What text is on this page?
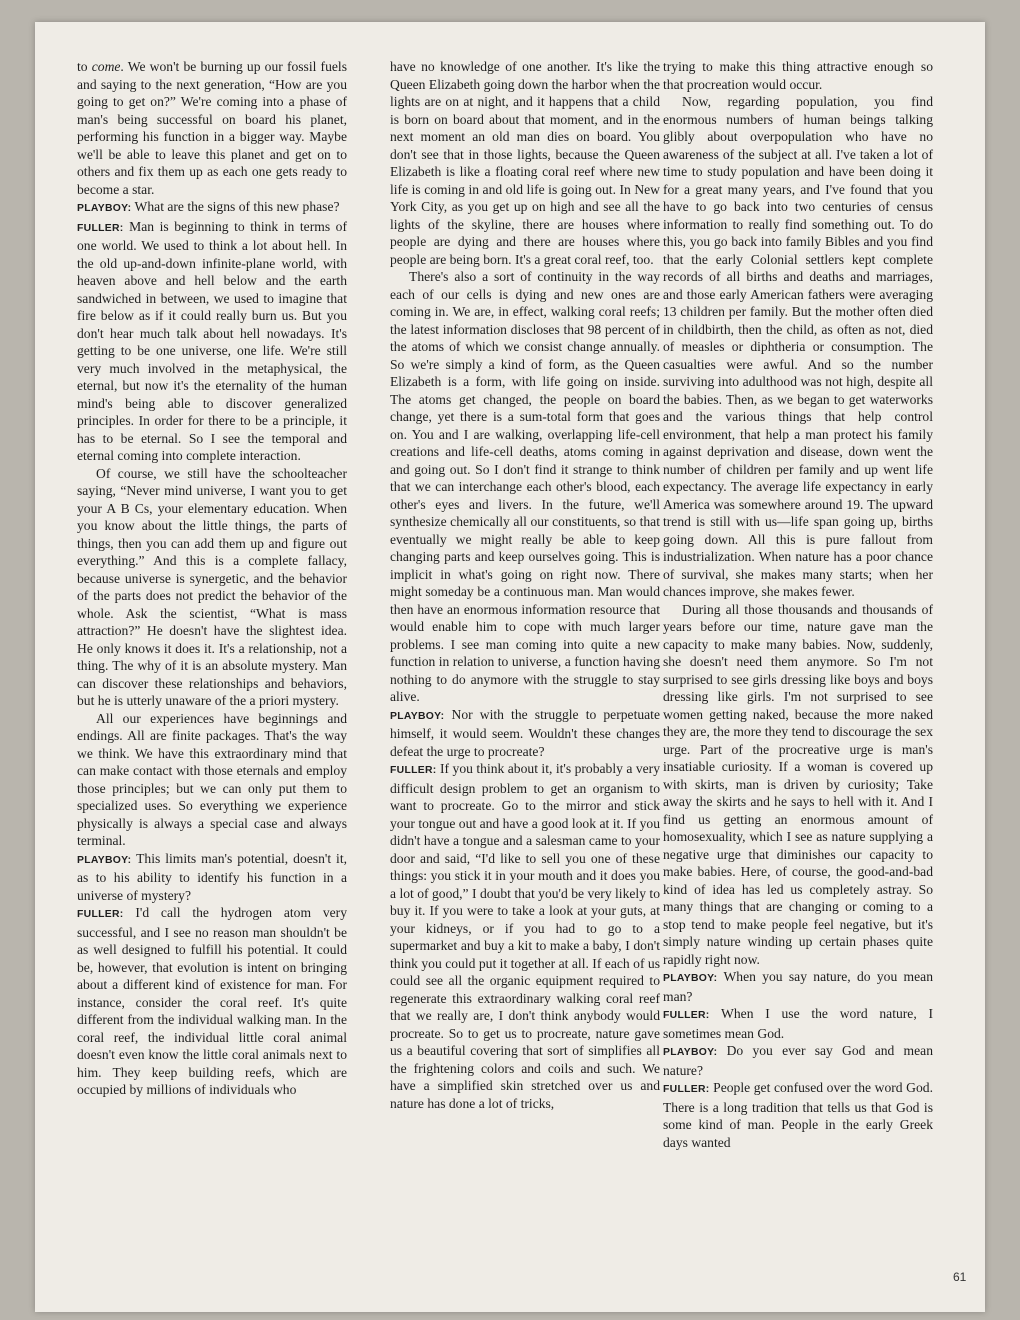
to come. We won't be burning up our fossil fuels and saying to the next generation, “How are you going to get on?” We're coming into a phase of man's being successful on board his planet, performing his function in a bigger way. Maybe we'll be able to leave this planet and get on to others and fix them up as each one gets ready to become a star.

PLAYBOY: What are the signs of this new phase?

FULLER: Man is beginning to think in terms of one world. We used to think a lot about hell. In the old up-and-down infinite-plane world, with heaven above and hell below and the earth sandwiched in between, we used to imagine that fire below as if it could really burn us. But you don't hear much talk about hell nowadays. It's getting to be one universe, one life. We're still very much involved in the metaphysical, the eternal, but now it's the eternality of the human mind's being able to discover generalized principles. In order for there to be a principle, it has to be eternal. So I see the temporal and eternal coming into complete interaction.

Of course, we still have the schoolteacher saying, “Never mind universe, I want you to get your A B Cs, your elementary education. When you know about the little things, the parts of things, then you can add them up and figure out everything.” And this is a complete fallacy, because universe is synergetic, and the behavior of the parts does not predict the behavior of the whole. Ask the scientist, “What is mass attraction?” He doesn't have the slightest idea. He only knows it does it. It's a relationship, not a thing. The why of it is an absolute mystery. Man can discover these relationships and behaviors, but he is utterly unaware of the a priori mystery.

All our experiences have beginnings and endings. All are finite packages. That's the way we think. We have this extraordinary mind that can make contact with those eternals and employ those principles; but we can only put them to specialized uses. So everything we experience physically is always a special case and always terminal.

PLAYBOY: This limits man's potential, doesn't it, as to his ability to identify his function in a universe of mystery?

FULLER: I'd call the hydrogen atom very successful, and I see no reason man shouldn't be as well designed to fulfill his potential. It could be, however, that evolution is intent on bringing about a different kind of existence for man. For instance, consider the coral reef. It's quite different from the individual walking man. In the coral reef, the individual little coral animal doesn't even know the little coral animals next to him. They keep building reefs, which are occupied by millions of individuals who

have no knowledge of one another. It's like the Queen Elizabeth going down the harbor when the lights are on at night, and it happens that a child is born on board about that moment, and in the next moment an old man dies on board. You don't see that in those lights, because the Queen Elizabeth is like a floating coral reef where new life is coming in and old life is going out. In New York City, as you get up on high and see all the lights of the skyline, there are houses where people are dying and there are houses where people are being born. It's a great coral reef, too.

There's also a sort of continuity in the way each of our cells is dying and new ones are coming in. We are, in effect, walking coral reefs; the latest information discloses that 98 percent of the atoms of which we consist change annually. So we're simply a kind of form, as the Queen Elizabeth is a form, with life going on inside. The atoms get changed, the people on board change, yet there is a sum-total form that goes on. You and I are walking, overlapping life-cell creations and life-cell deaths, atoms coming in and going out. So I don't find it strange to think that we can interchange each other's blood, each other's eyes and livers. In the future, we'll synthesize chemically all our constituents, so that eventually we might really be able to keep changing parts and keep ourselves going. This is implicit in what's going on right now. There might someday be a continuous man. Man would then have an enormous information resource that would enable him to cope with much larger problems. I see man coming into quite a new function in relation to universe, a function having nothing to do anymore with the struggle to stay alive.

PLAYBOY: Nor with the struggle to perpetuate himself, it would seem. Wouldn't these changes defeat the urge to procreate?

FULLER: If you think about it, it's probably a very difficult design problem to get an organism to want to procreate. Go to the mirror and stick your tongue out and have a good look at it. If you didn't have a tongue and a salesman came to your door and said, “I'd like to sell you one of these things: you stick it in your mouth and it does you a lot of good,” I doubt that you'd be very likely to buy it. If you were to take a look at your guts, at your kidneys, or if you had to go to a supermarket and buy a kit to make a baby, I don't think you could put it together at all. If each of us could see all the organic equipment required to regenerate this extraordinary walking coral reef that we really are, I don't think anybody would procreate. So to get us to procreate, nature gave us a beautiful covering that sort of simplifies all the frightening colors and coils and such. We have a simplified skin stretched over us and nature has done a lot of tricks,

trying to make this thing attractive enough so that procreation would occur.

Now, regarding population, you find enormous numbers of human beings talking glibly about overpopulation who have no awareness of the subject at all. I've taken a lot of time to study population and have been doing it for a great many years, and I've found that you have to go back into two centuries of census information to really find something out. To do this, you go back into family Bibles and you find that the early Colonial settlers kept complete records of all births and deaths and marriages, and those early American fathers were averaging 13 children per family. But the mother often died in childbirth, then the child, as often as not, died of measles or diphtheria or consumption. The casualties were awful. And so the number surviving into adulthood was not high, despite all the babies. Then, as we began to get waterworks and the various things that help control environment, that help a man protect his family against deprivation and disease, down went the number of children per family and up went life expectancy. The average life expectancy in early America was somewhere around 19. The upward trend is still with us—life span going up, births going down. All this is pure fallout from industrialization. When nature has a poor chance of survival, she makes many starts; when her chances improve, she makes fewer.

During all those thousands and thousands of years before our time, nature gave man the capacity to make many babies. Now, suddenly, she doesn't need them anymore. So I'm not surprised to see girls dressing like boys and boys dressing like girls. I'm not surprised to see women getting naked, because the more naked they are, the more they tend to discourage the sex urge. Part of the procreative urge is man's insatiable curiosity. If a woman is covered up with skirts, man is driven by curiosity; Take away the skirts and he says to hell with it. And I find us getting an enormous amount of homosexuality, which I see as nature supplying a negative urge that diminishes our capacity to make babies. Here, of course, the good-and-bad kind of idea has led us completely astray. So many things that are changing or coming to a stop tend to make people feel negative, but it's simply nature winding up certain phases quite rapidly right now.

PLAYBOY: When you say nature, do you mean man?

FULLER: When I use the word nature, I sometimes mean God.

PLAYBOY: Do you ever say God and mean nature?

FULLER: People get confused over the word God. There is a long tradition that tells us that God is some kind of man. People in the early Greek days wanted

61
